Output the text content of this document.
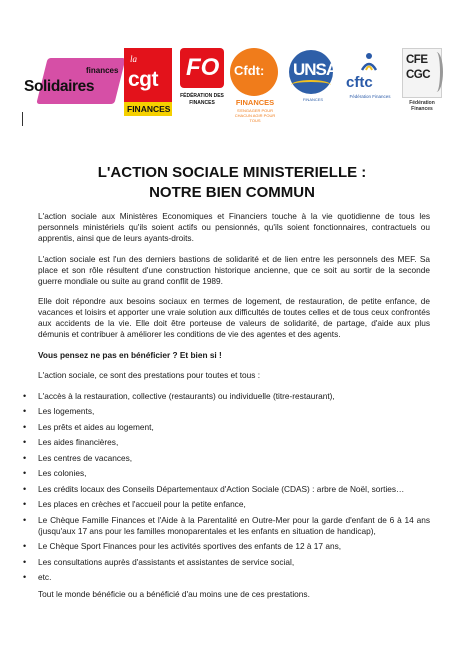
finances
Solidaires
la
cgt
FINANCES
FO
FÉDÉRATION DES FINANCES
Cfdt:
FINANCES
S'ENGAGER POUR CHACUN AGIR POUR TOUS
UNSA
FINANCES
cftc
Fédération Finances
CFE
CGC
Fédération Finances
L'ACTION SOCIALE MINISTERIELLE :
NOTRE BIEN COMMUN

L'action sociale aux Ministères Economiques et Financiers touche à la vie quotidienne de tous les personnels ministériels qu'ils soient actifs ou pensionnés, qu'ils soient fonctionnaires, contractuels ou apprentis, ainsi que de leurs ayants-droits.

L'action sociale est l'un des derniers bastions de solidarité et de lien entre les personnels des MEF. Sa place et son rôle résultent d'une construction historique ancienne, que ce soit au sortir de la seconde guerre mondiale ou suite au grand conflit de 1989.

Elle doit répondre aux besoins sociaux en termes de logement, de restauration, de petite enfance, de vacances et loisirs et apporter une vraie solution aux difficultés de toutes celles et de tous ceux confrontés aux accidents de la vie. Elle doit être porteuse de valeurs de solidarité, de partage, d'aide aux plus démunis et contribuer à améliorer les conditions de vie des agentes et des agents.

Vous pensez ne pas en bénéficier ? Et bien si !

L'action sociale, ce sont des prestations pour toutes et tous :

• L'accès à la restauration, collective (restaurants) ou individuelle (titre-restaurant),
• Les logements,
• Les prêts et aides au logement,
• Les aides financières,
• Les centres de vacances,
• Les colonies,
• Les crédits locaux des Conseils Départementaux d'Action Sociale (CDAS) : arbre de Noël, sorties…
• Les places en crèches et l'accueil pour la petite enfance,
• Le Chèque Famille Finances et l'Aide à la Parentalité en Outre-Mer pour la garde d'enfant de 6 à 14 ans (jusqu'aux 17 ans pour les familles monoparentales et les enfants en situation de handicap),
• Le Chèque Sport Finances pour les activités sportives des enfants de 12 à 17 ans,
• Les consultations auprès d'assistants et assistantes de service social,
• etc.

Tout le monde bénéficie ou a bénéficié d'au moins une de ces prestations.
